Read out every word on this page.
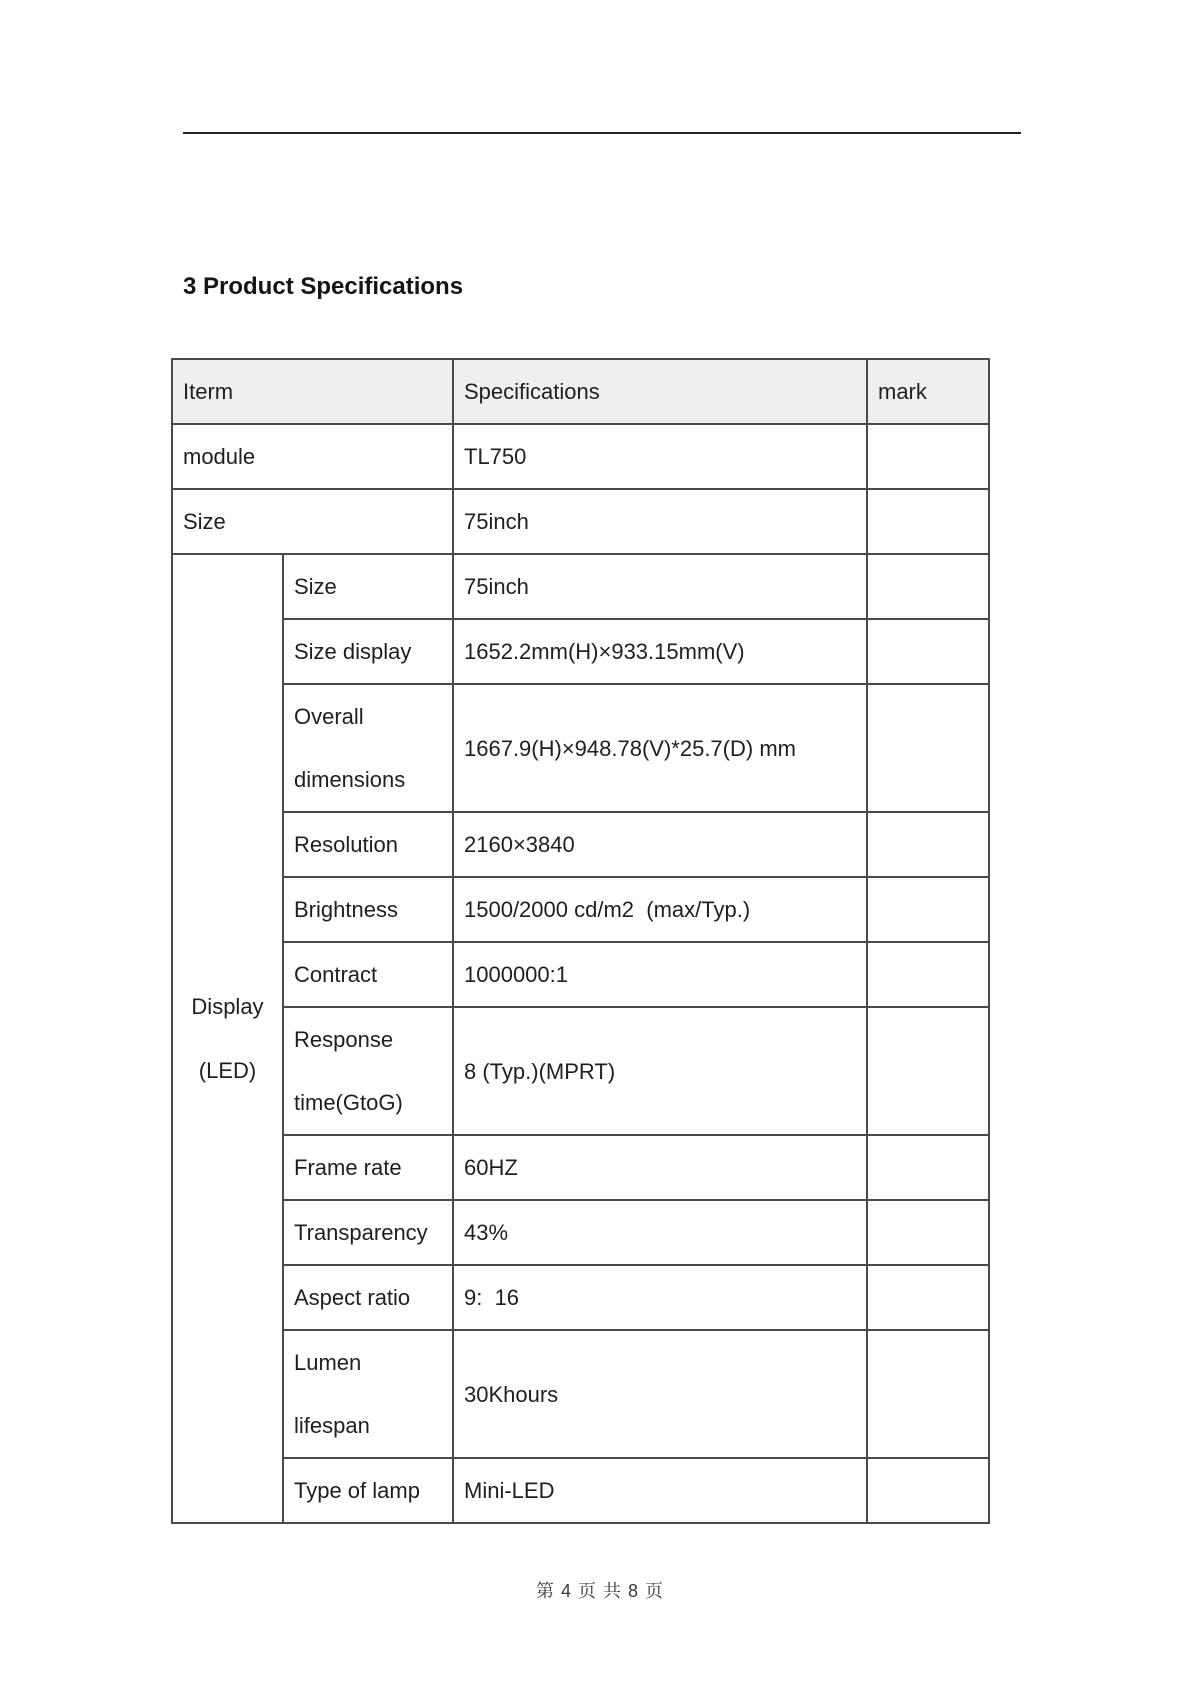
3 Product Specifications
Iterm		Specifications	mark
module		TL750	
Size		75inch	

Display
(LED)	Size	75inch	
	Size display	1652.2mm(H)×933.15mm(V)	
	Overall dimensions	1667.9(H)×948.78(V)*25.7(D) mm	
	Resolution	2160×3840	
	Brightness	1500/2000 cd/m2  (max/Typ.)	
	Contract	1000000:1	
	Response time(GtoG)	8 (Typ.)(MPRT)	
	Frame rate	60HZ	
	Transparency	43%	
	Aspect ratio	9:  16	
	Lumen lifespan	30Khours	
	Type of lamp	Mini-LED	
第 4 页 共 8 页
